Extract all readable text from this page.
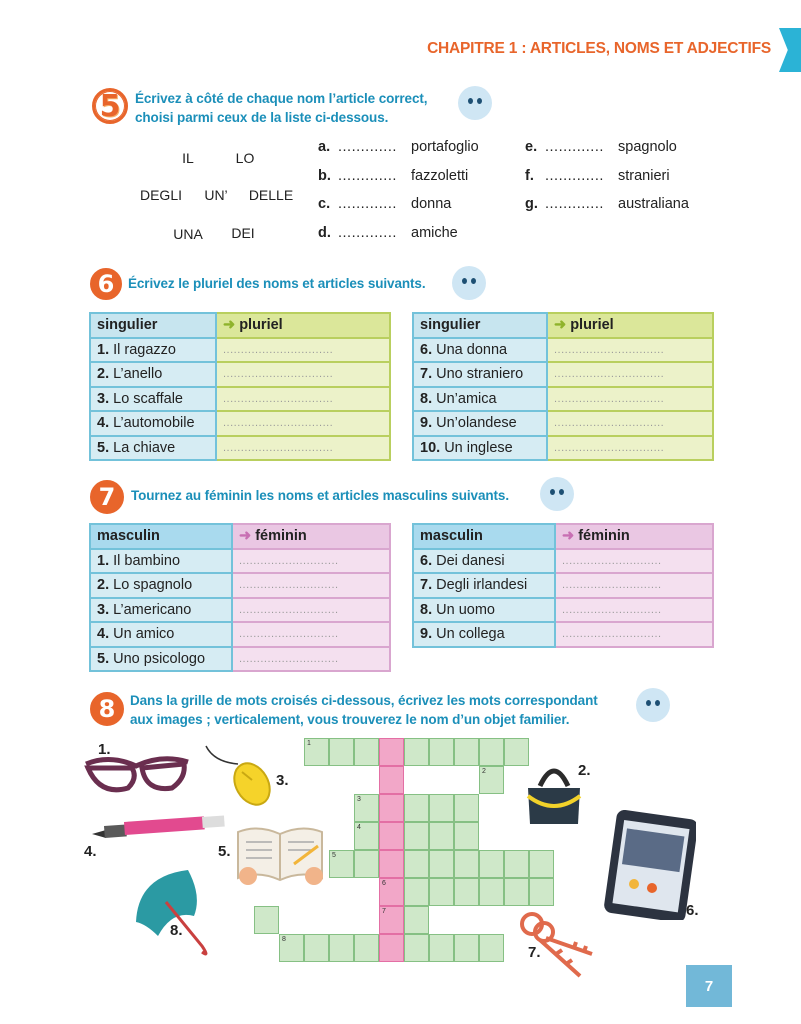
CHAPITRE 1 : ARTICLES, NOMS ET ADJECTIFS
5 Écrivez à côté de chaque nom l’article correct,
choisi parmi ceux de la liste ci-dessous.
IL	LO
DEGLI UN’ DELLE
UNA DEI
a. ............. portafoglio
b. ............. fazzoletti
c. ............. donna
d. ............. amiche
e. ............. spagnolo
f. ............. stranieri
g. ............. australiana
6 Écrivez le pluriel des noms et articles suivants.
singulier	➜ pluriel
1. Il ragazzo	...............................
2. L’anello	...............................
3. Lo scaffale	...............................
4. L’automobile	...............................
5. La chiave	...............................
singulier	➜ pluriel
6. Una donna	...............................
7. Uno straniero	...............................
8. Un’amica	...............................
9. Un’olandese	...............................
10. Un inglese	...............................
7 Tournez au féminin les noms et articles masculins suivants.
masculin	➜ féminin
1. Il bambino	............................
2. Lo spagnolo	............................
3. L’americano	............................
4. Un amico	............................
5. Uno psicologo	............................
masculin	➜ féminin
6. Dei danesi	............................
7. Degli irlandesi	............................
8. Un uomo	............................
9. Un collega	............................
8 Dans la grille de mots croisés ci-dessous, écrivez les mots correspondant
aux images ; verticalement, vous trouverez le nom d’un objet familier.
1
2
3
4
5
6
7
8
1.
3.
2.
4.	5.
6.
8.
7.
7
